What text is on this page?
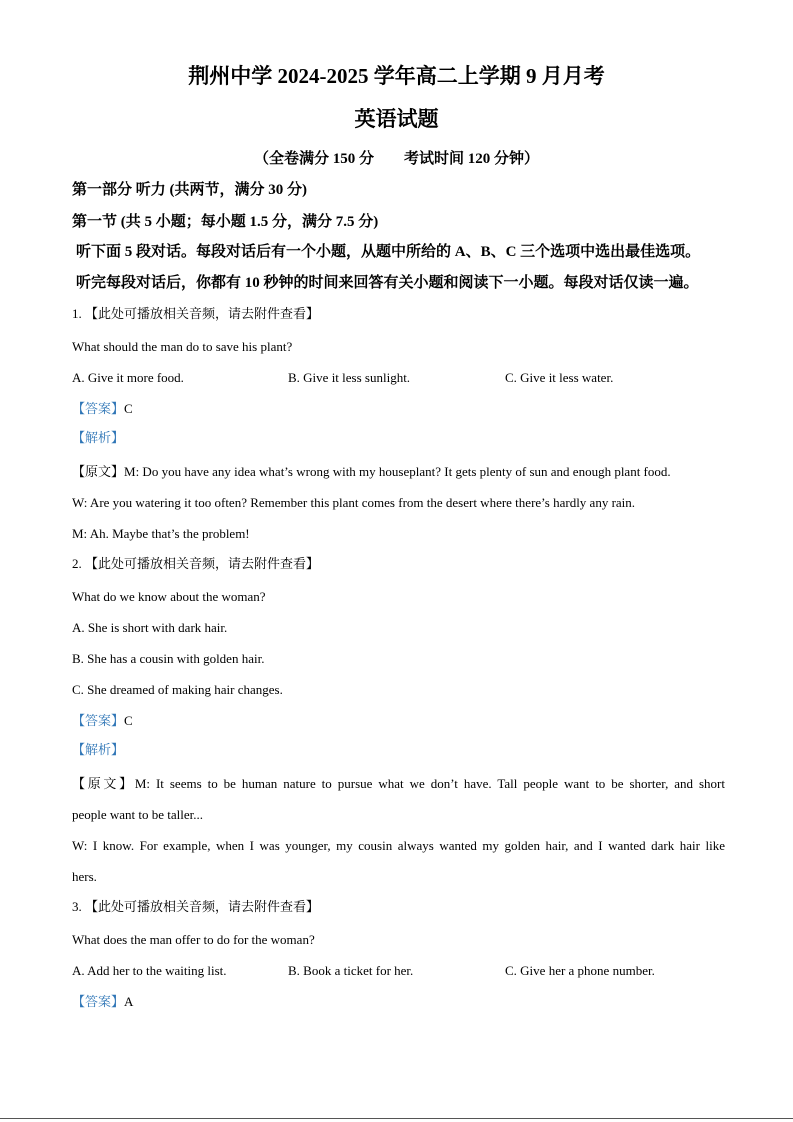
荆州中学 2024-2025 学年高二上学期 9 月月考
英语试题
（全卷满分 150 分　　考试时间 120 分钟）
第一部分 听力 (共两节，满分 30 分)
第一节 (共 5 小题；每小题 1.5 分，满分 7.5 分)
听下面 5 段对话。每段对话后有一个小题，从题中所给的 A、B、C 三个选项中选出最佳选项。
听完每段对话后，你都有 10 秒钟的时间来回答有关小题和阅读下一小题。每段对话仅读一遍。
1. 【此处可播放相关音频，请去附件查看】
What should the man do to save his plant?
A. Give it more food.	B. Give it less sunlight.	C. Give it less water.
【答案】C
【解析】
【原文】M: Do you have any idea what’s wrong with my houseplant? It gets plenty of sun and enough plant food.
W: Are you watering it too often? Remember this plant comes from the desert where there’s hardly any rain.
M: Ah. Maybe that’s the problem!
2. 【此处可播放相关音频，请去附件查看】
What do we know about the woman?
A. She is short with dark hair.
B. She has a cousin with golden hair.
C. She dreamed of making hair changes.
【答案】C
【解析】
【原文】M: It seems to be human nature to pursue what we don’t have. Tall people want to be shorter, and short
people want to be taller...
W: I know. For example, when I was younger, my cousin always wanted my golden hair, and I wanted dark hair like
hers.
3. 【此处可播放相关音频，请去附件查看】
What does the man offer to do for the woman?
A. Add her to the waiting list.	B. Book a ticket for her.	C. Give her a phone number.
【答案】A
